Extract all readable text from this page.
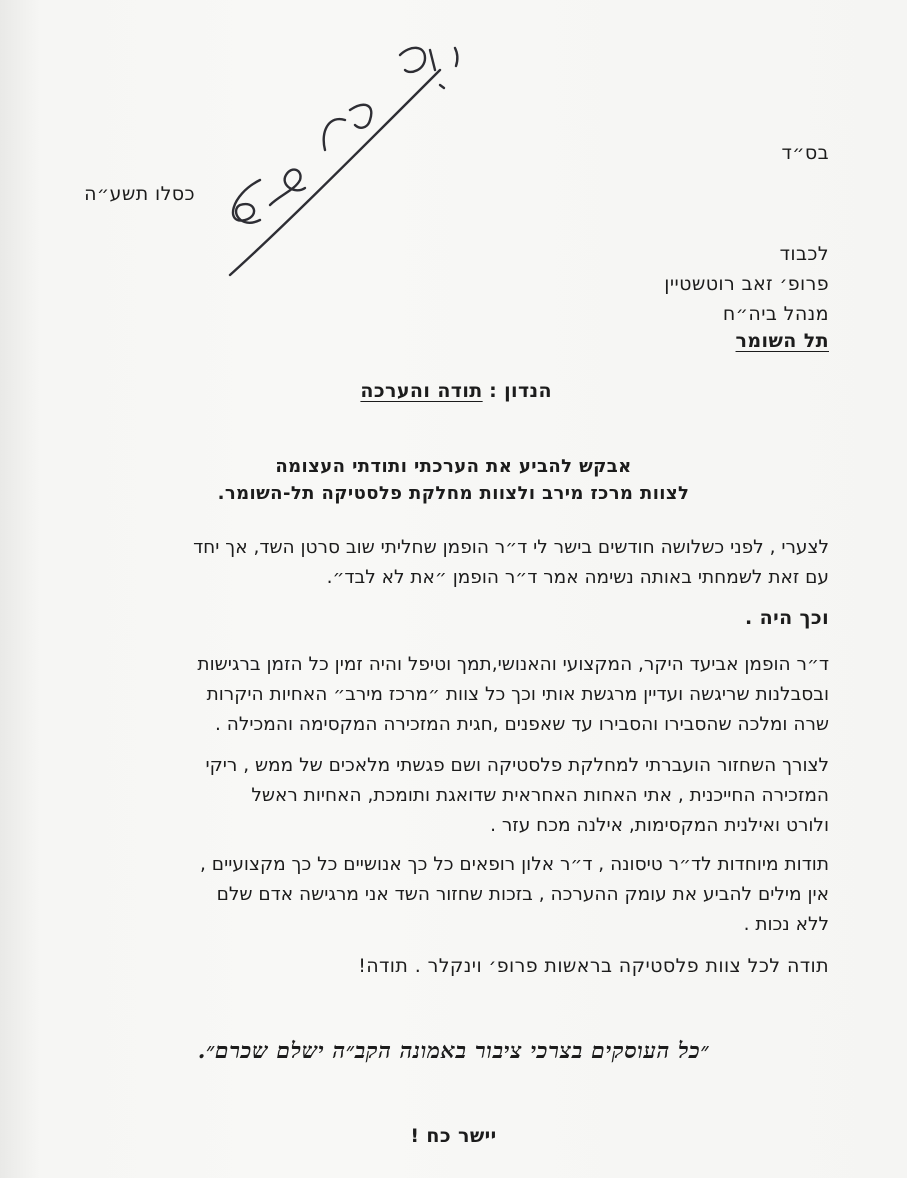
בס״ד
כסלו תשע״ה
לכבוד
פרופ׳ זאב רוטשטיין
מנהל ביה״ח
תל השומר
הנדון : תודה והערכה
אבקש להביע את הערכתי ותודתי העצומה
לצוות מרכז מירב ולצוות מחלקת פלסטיקה תל-השומר.

לצערי , לפני כשלושה חודשים בישר לי ד״ר הופמן שחליתי שוב סרטן השד, אך יחד

עם זאת לשמחתי באותה נשימה אמר ד״ר הופמן ״את לא לבד״.

וכך היה .

ד״ר הופמן אביעד היקר, המקצועי והאנושי,תמך וטיפל והיה זמין כל הזמן ברגישות

ובסבלנות שריגשה ועדיין מרגשת אותי וכך כל צוות ״מרכז מירב״ האחיות היקרות

שרה ומלכה שהסבירו והסבירו עד שאפנים ,חגית המזכירה המקסימה והמכילה .

לצורך השחזור הועברתי למחלקת פלסטיקה ושם פגשתי מלאכים של ממש , ריקי

המזכירה החייכנית , אתי האחות האחראית שדואגת ותומכת, האחיות ראשל

ולורט ואילנית המקסימות, אילנה מכח עזר .

תודות מיוחדות לד״ר טיסונה , ד״ר אלון רופאים כל כך אנושיים כל כך מקצועיים ,

אין מילים להביע את עומק ההערכה , בזכות שחזור השד אני מרגישה אדם שלם

ללא נכות .

תודה לכל צוות פלסטיקה בראשות פרופ׳ וינקלר . תודה!
״כל העוסקים בצרכי ציבור באמונה הקב״ה ישלם שכרם״.
יישר כח !
